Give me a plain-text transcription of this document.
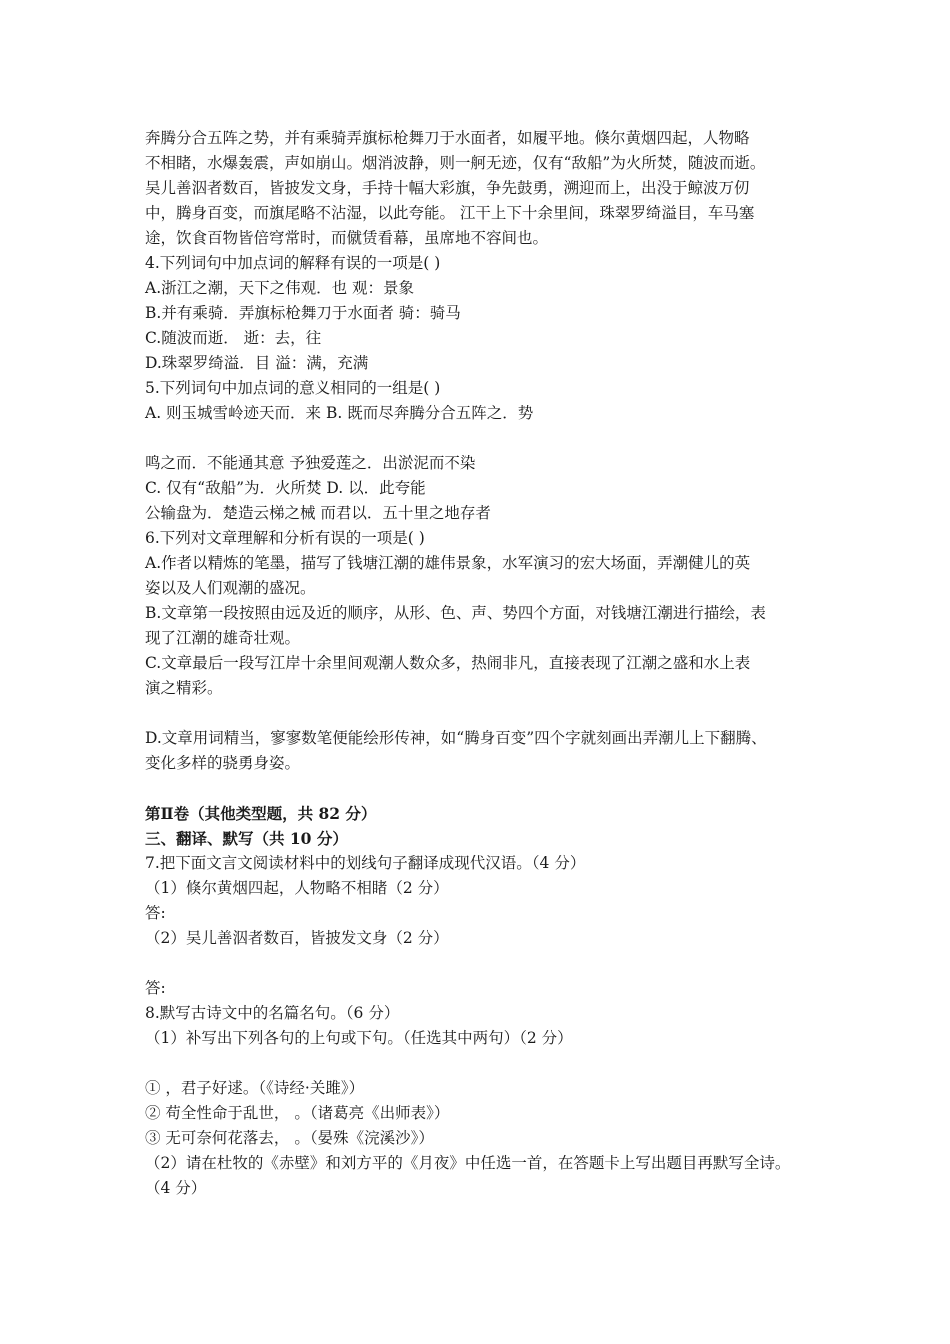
奔腾分合五阵之势，并有乘骑弄旗标枪舞刀于水面者，如履平地。倏尔黄烟四起，人物略
不相睹，水爆轰震，声如崩山。烟消波静，则一舸无迹，仅有“敌船”为火所焚，随波而逝。
吴儿善泅者数百，皆披发文身，手持十幅大彩旗，争先鼓勇，溯迎而上，出没于鲸波万仞
中，腾身百变，而旗尾略不沾湿，以此夸能。 江干上下十余里间，珠翠罗绮溢目，车马塞
途，饮食百物皆倍穹常时，而僦赁看幕，虽席地不容间也。
4.下列词句中加点词的解释有误的一项是( )
A.浙江之潮，天下之伟观．也 观：景象
B.并有乘骑．弄旗标枪舞刀于水面者 骑：骑马
C.随波而逝． 逝：去，往
D.珠翠罗绮溢．目 溢：满，充满
5.下列词句中加点词的意义相同的一组是( )
A. 则玉城雪岭迹天而．来 B. 既而尽奔腾分合五阵之．势
鸣之而．不能通其意 予独爱莲之．出淤泥而不染
C. 仅有“敌船”为．火所焚 D. 以．此夸能
公输盘为．楚造云梯之械 而君以．五十里之地存者
6.下列对文章理解和分析有误的一项是( )
A.作者以精炼的笔墨，描写了钱塘江潮的雄伟景象，水军演习的宏大场面，弄潮健儿的英
姿以及人们观潮的盛况。
B.文章第一段按照由远及近的顺序，从形、色、声、势四个方面，对钱塘江潮进行描绘，表
现了江潮的雄奇壮观。
C.文章最后一段写江岸十余里间观潮人数众多，热闹非凡，直接表现了江潮之盛和水上表
演之精彩。
D.文章用词精当，寥寥数笔便能绘形传神，如“腾身百变”四个字就刻画出弄潮儿上下翻腾、
变化多样的骁勇身姿。
第Ⅱ卷（其他类型题，共 82 分）
三、翻译、默写（共 10 分）
7.把下面文言文阅读材料中的划线句子翻译成现代汉语。（4 分）
（1）倏尔黄烟四起，人物略不相睹（2 分）
答:
（2）吴儿善泅者数百，皆披发文身（2 分）
答:
8.默写古诗文中的名篇名句。（6 分）
（1）补写出下列各句的上句或下句。（任选其中两句）（2 分）
① ，君子好逑。（《诗经·关雎》）
② 苟全性命于乱世， 。（诸葛亮《出师表》）
③ 无可奈何花落去， 。（晏殊《浣溪沙》）
（2）请在杜牧的《赤壁》和刘方平的《月夜》中任选一首，在答题卡上写出题目再默写全诗。
（4 分）
